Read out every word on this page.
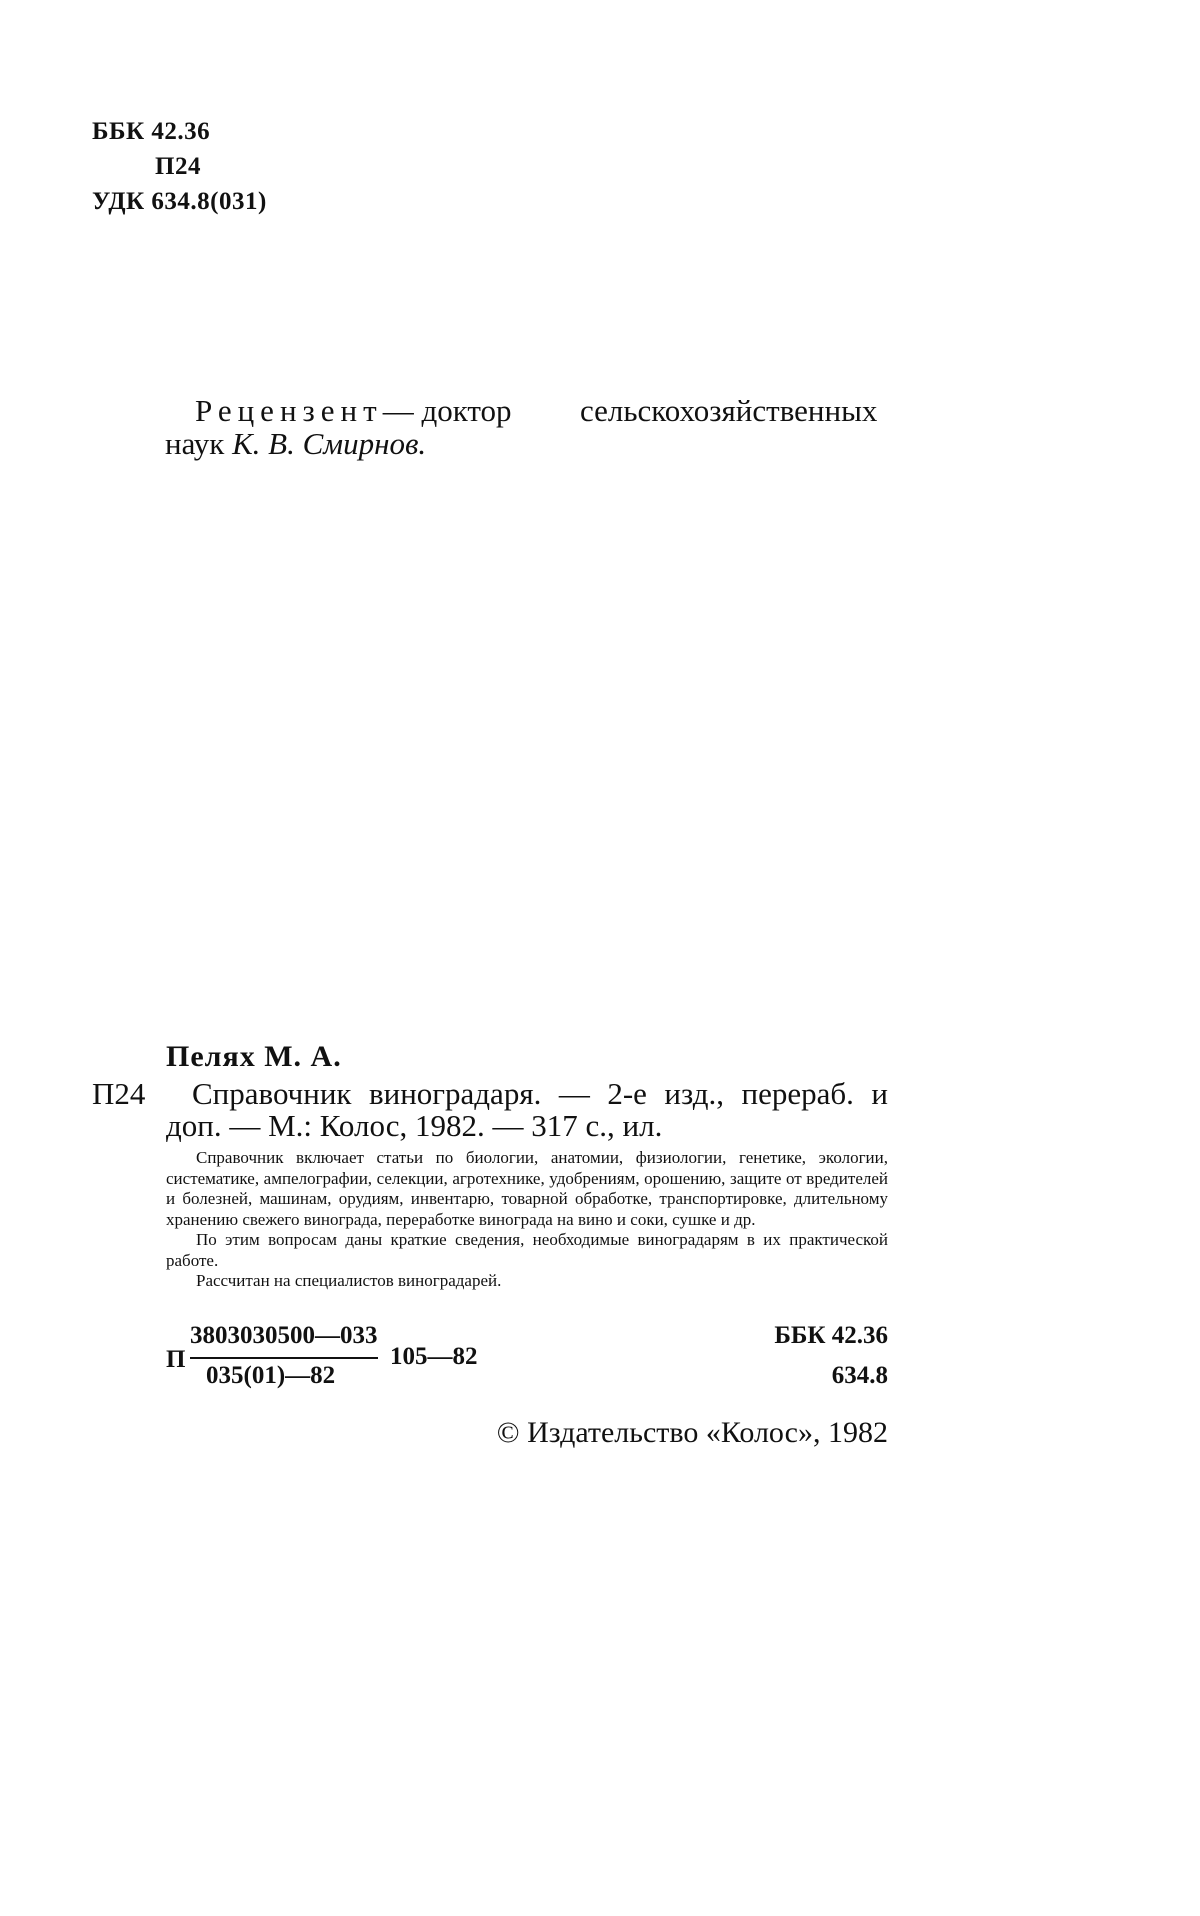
ББК 42.36
П24
УДК 634.8(031)
Рецензент— доктор сельскохозяйственных
наук К. В. Смирнов.
Пелях М. А.
П24 Справочник виноградаря. — 2-е изд., перераб. и
доп. — М.: Колос, 1982. — 317 с., ил.

Справочник включает статьи по биологии, анатомии, физиологии, генетике, экологии, систематике, ампелографии, селекции, агротехнике, удобрениям, орошению, защите от вредителей и болезней, машинам, орудиям, инвентарю, товарной обработке, транспортировке, длительному хранению свежего винограда, переработке винограда на вино и соки, сушке и др.

По этим вопросам даны краткие сведения, необходимые виноградарям в их практической работе.

Рассчитан на специалистов виноградарей.

П
3803030500—033
035(01)—82
105—82
ББК 42.36
634.8
© Издательство «Колос», 1982
